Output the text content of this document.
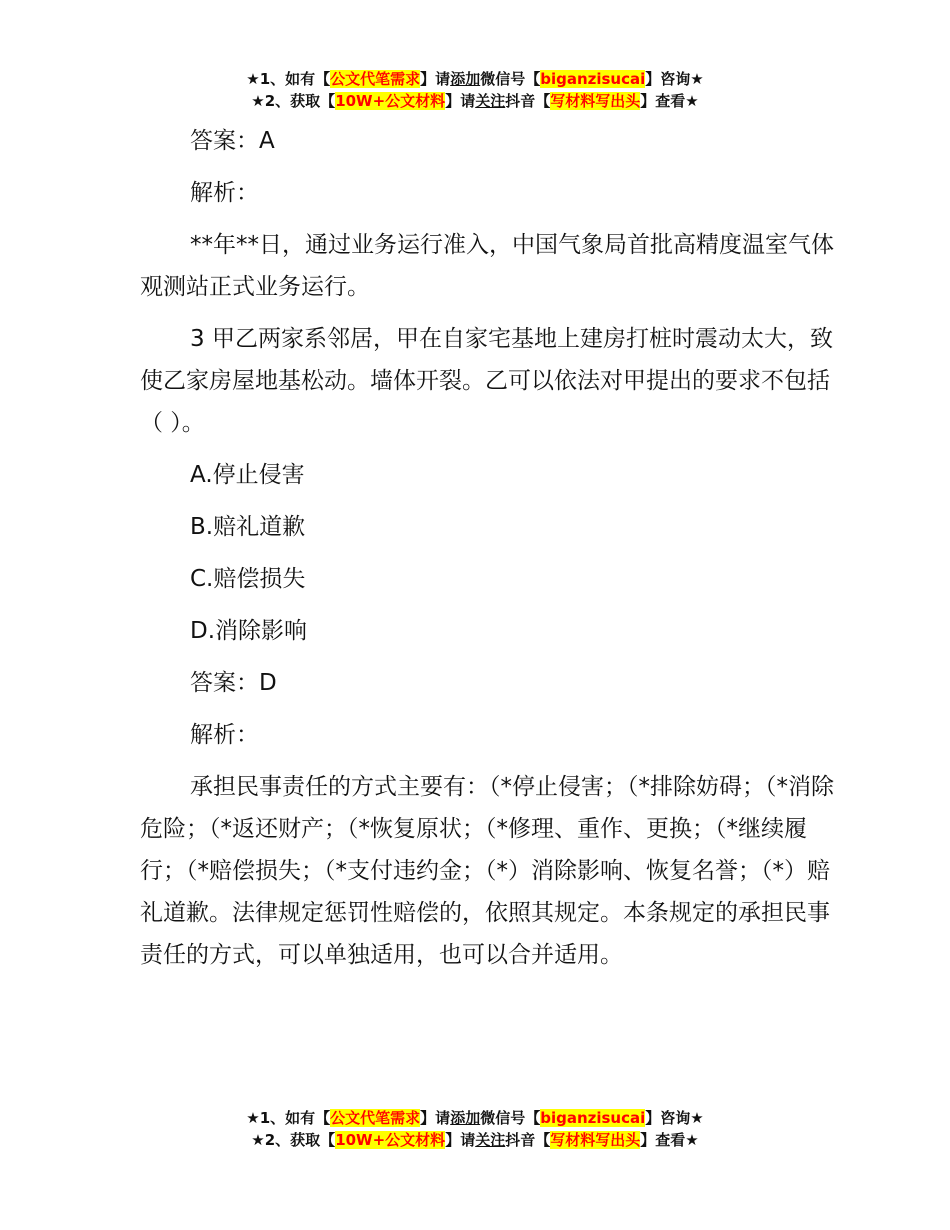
★1、如有【公文代笔需求】请添加微信号【biganzisucai】咨询★
★2、获取【10W+公文材料】请关注抖音【写材料写出头】查看★

答案：A

解析：

**年**日，通过业务运行准入，中国气象局首批高精度温室气体观测站正式业务运行。

3 甲乙两家系邻居，甲在自家宅基地上建房打桩时震动太大，致使乙家房屋地基松动。墙体开裂。乙可以依法对甲提出的要求不包括（ ）。

A.停止侵害

B.赔礼道歉

C.赔偿损失

D.消除影响

答案：D

解析：

承担民事责任的方式主要有：（*停止侵害；（*排除妨碍；（*消除危险；（*返还财产；（*恢复原状；（*修理、重作、更换；（*继续履行；（*赔偿损失；（*支付违约金；（*）消除影响、恢复名誉；（*）赔礼道歉。法律规定惩罚性赔偿的，依照其规定。本条规定的承担民事责任的方式，可以单独适用，也可以合并适用。

★1、如有【公文代笔需求】请添加微信号【biganzisucai】咨询★
★2、获取【10W+公文材料】请关注抖音【写材料写出头】查看★
